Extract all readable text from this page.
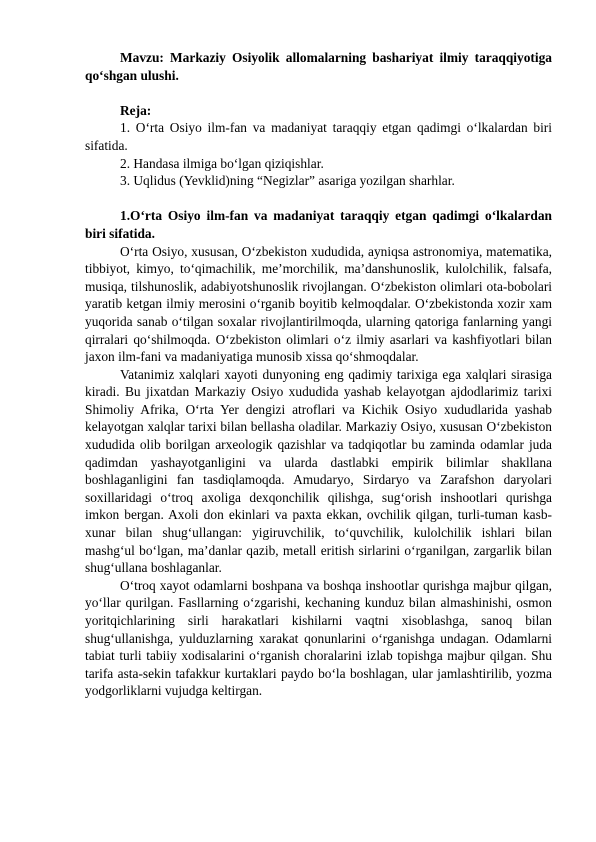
Mavzu: Markaziy Osiyolik allomalarning bashariyat ilmiy taraqqiyotiga qo‘shgan ulushi.

Reja:

1. O‘rta Osiyo ilm-fan va madaniyat taraqqiy etgan qadimgi o‘lkalardan biri sifatida.

2. Handasa ilmiga bo‘lgan qiziqishlar.

3. Uqlidus (Yevklid)ning “Negizlar” asariga yozilgan sharhlar.

1.O‘rta Osiyo ilm-fan va madaniyat taraqqiy etgan qadimgi o‘lkalardan biri sifatida.

O‘rta Osiyo, xususan, O‘zbekiston xududida, ayniqsa astronomiya, matematika, tibbiyot, kimyo, to‘qimachilik, me’morchilik, ma’danshunoslik, kulolchilik, falsafa, musiqa, tilshunoslik, adabiyotshunoslik rivojlangan. O‘zbekiston olimlari ota-bobolari yaratib ketgan ilmiy merosini o‘rganib boyitib kelmoqdalar. O‘zbekistonda xozir xam yuqorida sanab o‘tilgan soxalar rivojlantirilmoqda, ularning qatoriga fanlarning yangi qirralari qo‘shilmoqda. O‘zbekiston olimlari o‘z ilmiy asarlari va kashfiyotlari bilan jaxon ilm-fani va madaniyatiga munosib xissa qo‘shmoqdalar.

Vatanimiz xalqlari xayoti dunyoning eng qadimiy tarixiga ega xalqlari sirasiga kiradi. Bu jixatdan Markaziy Osiyo xududida yashab kelayotgan ajdodlarimiz tarixi Shimoliy Afrika, O‘rta Yer dengizi atroflari va Kichik Osiyo xududlarida yashab kelayotgan xalqlar tarixi bilan bellasha oladilar. Markaziy Osiyo, xususan O‘zbekiston xududida olib borilgan arxeologik qazishlar va tadqiqotlar bu zaminda odamlar juda qadimdan yashayotganligini va ularda dastlabki empirik bilimlar shakllana boshlaganligini fan tasdiqlamoqda. Amudaryo, Sirdaryo va Zarafshon daryolari soxillaridagi o‘troq axoliga dexqonchilik qilishga, sug‘orish inshootlari qurishga imkon bergan. Axoli don ekinlari va paxta ekkan, ovchilik qilgan, turli-tuman kasb-xunar bilan shug‘ullangan: yigiruvchilik, to‘quvchilik, kulolchilik ishlari bilan mashg‘ul bo‘lgan, ma’danlar qazib, metall eritish sirlarini o‘rganilgan, zargarlik bilan shug‘ullana boshlaganlar.

O‘troq xayot odamlarni boshpana va boshqa inshootlar qurishga majbur qilgan, yo‘llar qurilgan. Fasllarning o‘zgarishi, kechaning kunduz bilan almashinishi, osmon yoritqichlarining sirli harakatlari kishilarni vaqtni xisoblashga, sanoq bilan shug‘ullanishga, yulduzlarning xarakat qonunlarini o‘rganishga undagan. Odamlarni tabiat turli tabiiy xodisalarini o‘rganish choralarini izlab topishga majbur qilgan. Shu tarifa asta-sekin tafakkur kurtaklari paydo bo‘la boshlagan, ular jamlashtirilib, yozma yodgorliklarni vujudga keltirgan.
